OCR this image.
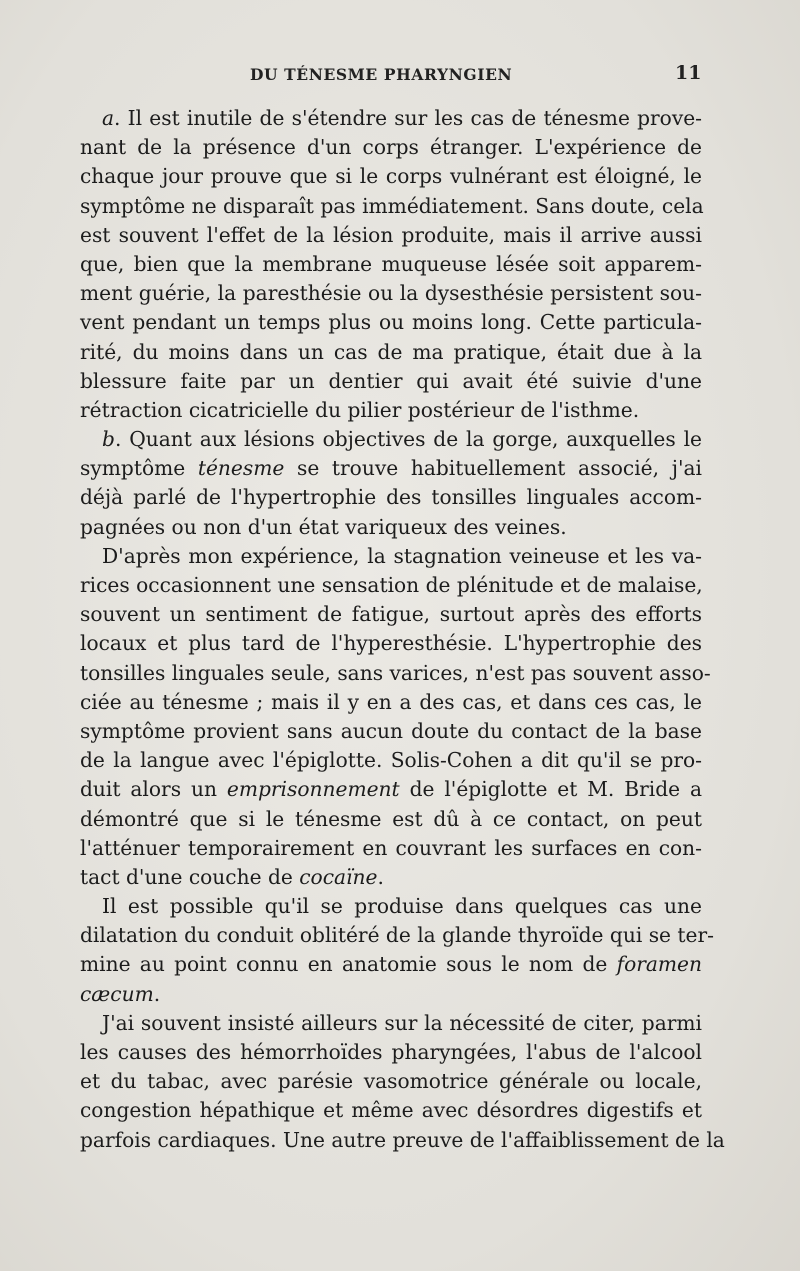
DU TÉNESME PHARYNGIEN	11
a. Il est inutile de s'étendre sur les cas de ténesme prove-
nant de la présence d'un corps étranger. L'expérience de
chaque jour prouve que si le corps vulnérant est éloigné, le
symptôme ne disparaît pas immédiatement. Sans doute, cela
est souvent l'effet de la lésion produite, mais il arrive aussi
que, bien que la membrane muqueuse lésée soit apparem-
ment guérie, la paresthésie ou la dysesthésie persistent sou-
vent pendant un temps plus ou moins long. Cette particula-
rité, du moins dans un cas de ma pratique, était due à la
blessure faite par un dentier qui avait été suivie d'une
rétraction cicatricielle du pilier postérieur de l'isthme.
b. Quant aux lésions objectives de la gorge, auxquelles le
symptôme ténesme se trouve habituellement associé, j'ai
déjà parlé de l'hypertrophie des tonsilles linguales accom-
pagnées ou non d'un état variqueux des veines.
D'après mon expérience, la stagnation veineuse et les va-
rices occasionnent une sensation de plénitude et de malaise,
souvent un sentiment de fatigue, surtout après des efforts
locaux et plus tard de l'hyperesthésie. L'hypertrophie des
tonsilles linguales seule, sans varices, n'est pas souvent asso-
ciée au ténesme ; mais il y en a des cas, et dans ces cas, le
symptôme provient sans aucun doute du contact de la base
de la langue avec l'épiglotte. Solis-Cohen a dit qu'il se pro-
duit alors un emprisonnement de l'épiglotte et M. Bride a
démontré que si le ténesme est dû à ce contact, on peut
l'atténuer temporairement en couvrant les surfaces en con-
tact d'une couche de cocaïne.
Il est possible qu'il se produise dans quelques cas une
dilatation du conduit oblitéré de la glande thyroïde qui se ter-
mine au point connu en anatomie sous le nom de foramen
cæcum.
J'ai souvent insisté ailleurs sur la nécessité de citer, parmi
les causes des hémorrhoïdes pharyngées, l'abus de l'alcool
et du tabac, avec parésie vasomotrice générale ou locale,
congestion hépathique et même avec désordres digestifs et
parfois cardiaques. Une autre preuve de l'affaiblissement de la
